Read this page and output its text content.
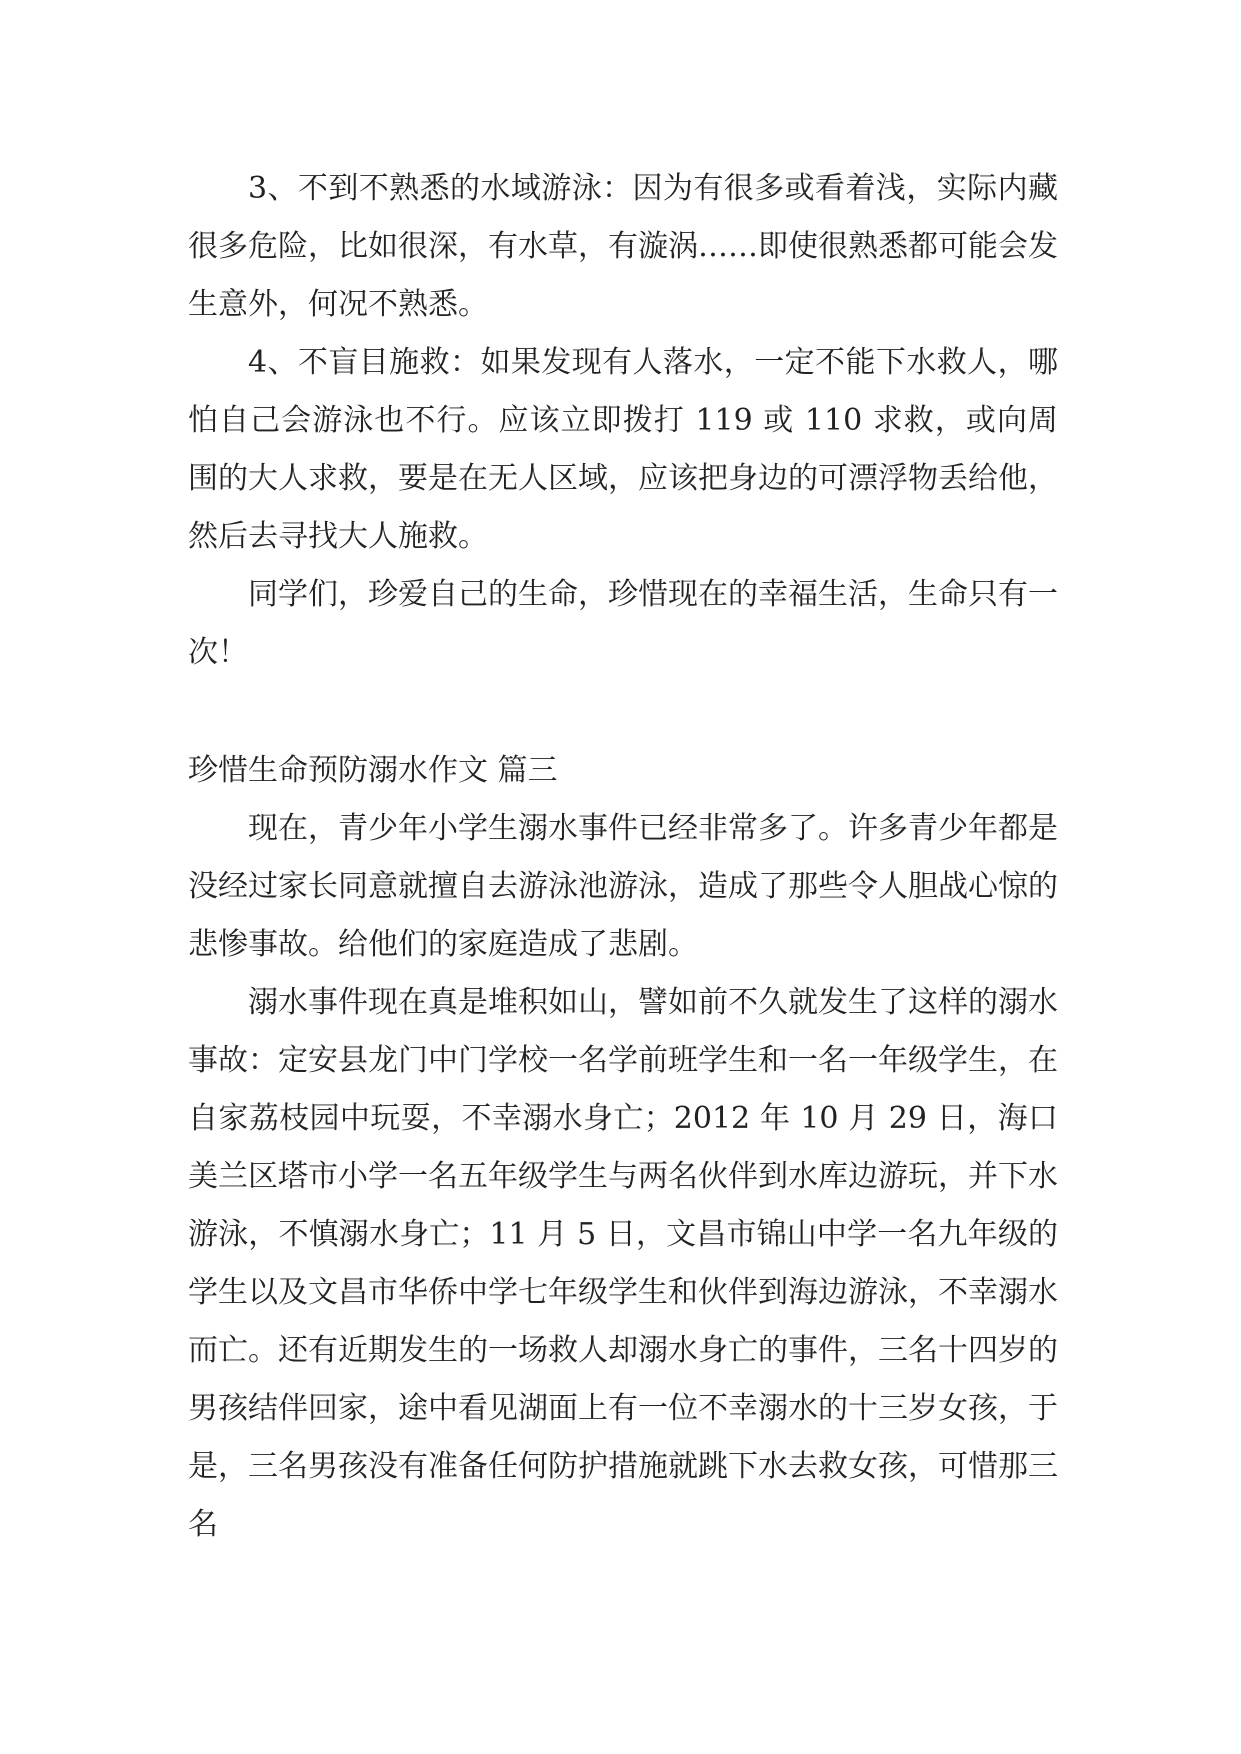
3、不到不熟悉的水域游泳：因为有很多或看着浅，实际内藏很多危险，比如很深，有水草，有漩涡……即使很熟悉都可能会发生意外，何况不熟悉。

4、不盲目施救：如果发现有人落水，一定不能下水救人，哪怕自己会游泳也不行。应该立即拨打 119 或 110 求救，或向周围的大人求救，要是在无人区域，应该把身边的可漂浮物丢给他，然后去寻找大人施救。

同学们，珍爱自己的生命，珍惜现在的幸福生活，生命只有一次！

珍惜生命预防溺水作文 篇三

现在，青少年小学生溺水事件已经非常多了。许多青少年都是没经过家长同意就擅自去游泳池游泳，造成了那些令人胆战心惊的悲惨事故。给他们的家庭造成了悲剧。

溺水事件现在真是堆积如山，譬如前不久就发生了这样的溺水事故：定安县龙门中门学校一名学前班学生和一名一年级学生，在自家荔枝园中玩耍，不幸溺水身亡；2012 年 10 月 29 日，海口美兰区塔市小学一名五年级学生与两名伙伴到水库边游玩，并下水游泳，不慎溺水身亡；11 月 5 日，文昌市锦山中学一名九年级的学生以及文昌市华侨中学七年级学生和伙伴到海边游泳，不幸溺水而亡。还有近期发生的一场救人却溺水身亡的事件，三名十四岁的男孩结伴回家，途中看见湖面上有一位不幸溺水的十三岁女孩，于是，三名男孩没有准备任何防护措施就跳下水去救女孩，可惜那三名
